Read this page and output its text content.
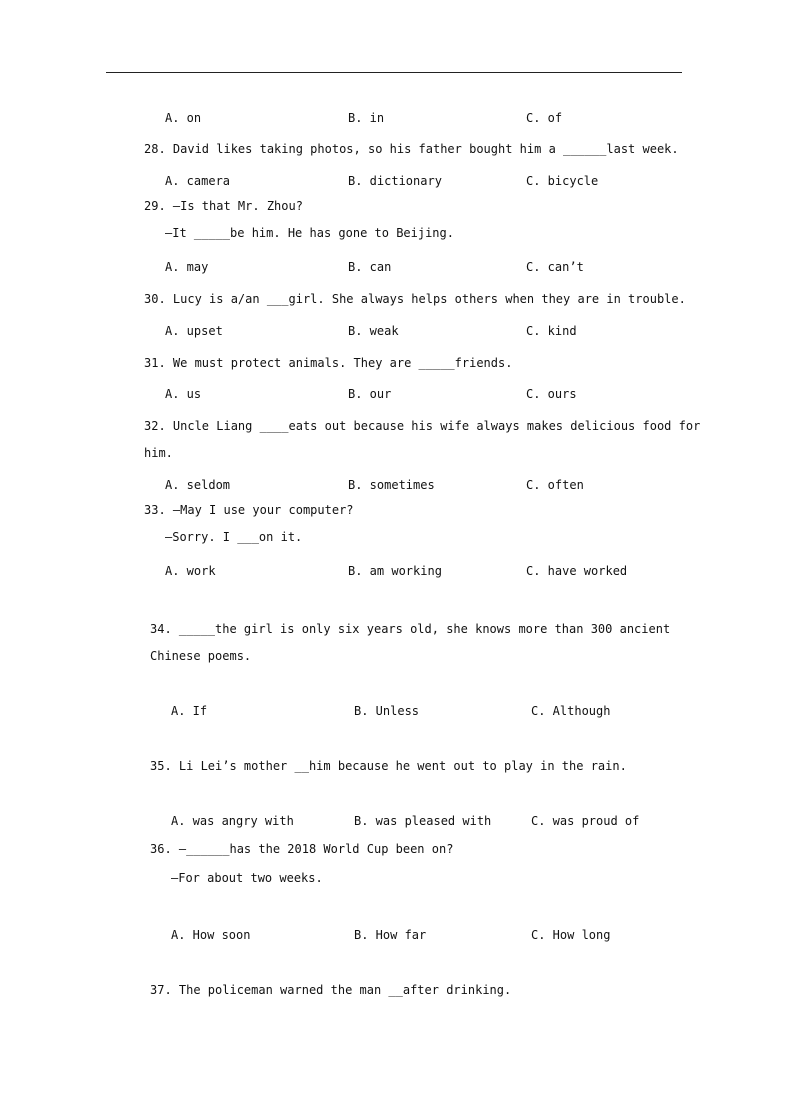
A. on	B. in	C. of
28. David likes taking photos, so his father bought him a ______last week.
A. camera	B. dictionary	C. bicycle
29. —Is that Mr. Zhou?
—It _____be him. He has gone to Beijing.
A. may	B. can	C. can’t
30. Lucy is a/an ___girl. She always helps others when they are in trouble.
A. upset	B. weak	C. kind
31. We must protect animals. They are _____friends.
A. us	B. our	C. ours
32. Uncle Liang ____eats out because his wife always makes delicious food for
him.
A. seldom	B. sometimes	C. often
33. —May I use your computer?
—Sorry. I ___on it.
A. work	B. am working	C. have worked
34. _____the girl is only six years old, she knows more than 300 ancient
Chinese poems.
A. If	B. Unless	C. Although
35. Li Lei’s mother __him because he went out to play in the rain.
A. was angry with	B. was pleased with	C. was proud of
36. —______has the 2018 World Cup been on?
—For about two weeks.
A. How soon	B. How far	C. How long
37. The policeman warned the man __after drinking.
